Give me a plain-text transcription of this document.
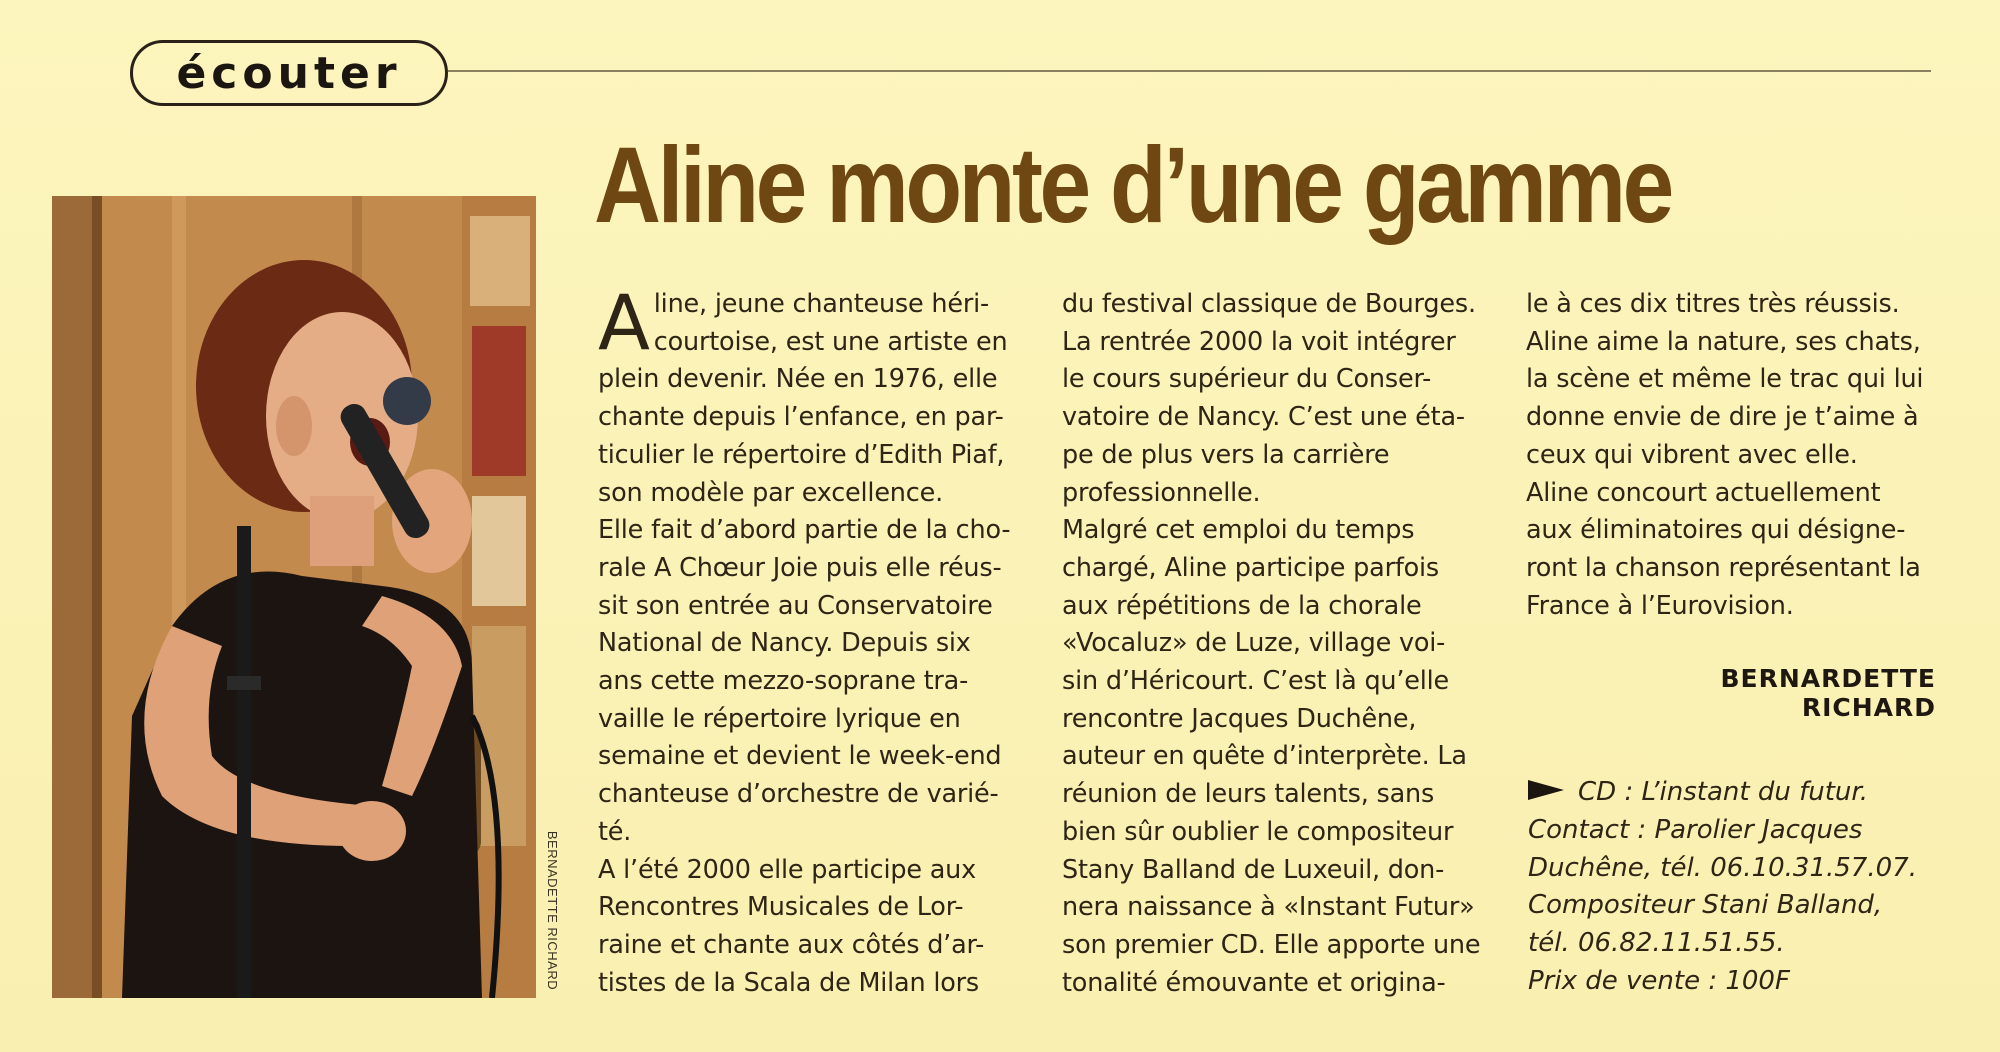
écouter
Aline monte d’une gamme
BERNADETTE RICHARD
A line, jeune chanteuse héri-

courtoise, est une artiste en

plein devenir. Née en 1976, elle

chante depuis l’enfance, en par-

ticulier le répertoire d’Edith Piaf,

son modèle par excellence.

Elle fait d’abord partie de la cho-

rale A Chœur Joie puis elle réus-

sit son entrée au Conservatoire

National de Nancy. Depuis six

ans cette mezzo-soprane tra-

vaille le répertoire lyrique en

semaine et devient le week-end

chanteuse d’orchestre de varié-

té.

A l’été 2000 elle participe aux

Rencontres Musicales de Lor-

raine et chante aux côtés d’ar-

tistes de la Scala de Milan lors

du festival classique de Bourges.

La rentrée 2000 la voit intégrer

le cours supérieur du Conser-

vatoire de Nancy. C’est une éta-

pe de plus vers la carrière

professionnelle.

Malgré cet emploi du temps

chargé, Aline participe parfois

aux répétitions de la chorale

«Vocaluz» de Luze, village voi-

sin d’Héricourt. C’est là qu’elle

rencontre Jacques Duchêne,

auteur en quête d’interprète. La

réunion de leurs talents, sans

bien sûr oublier le compositeur

Stany Balland de Luxeuil, don-

nera naissance à «Instant Futur»

son premier CD. Elle apporte une

tonalité émouvante et origina-

le à ces dix titres très réussis.

Aline aime la nature, ses chats,

la scène et même le trac qui lui

donne envie de dire je t’aime à

ceux qui vibrent avec elle.

Aline concourt actuellement

aux éliminatoires qui désigne-

ront la chanson représentant la

France à l’Eurovision.

BERNARDETTE RICHARD

CD : L’instant du futur.

Contact : Parolier Jacques

Duchêne, tél. 06.10.31.57.07.

Compositeur Stani Balland,

tél. 06.82.11.51.55.

Prix de vente : 100F
